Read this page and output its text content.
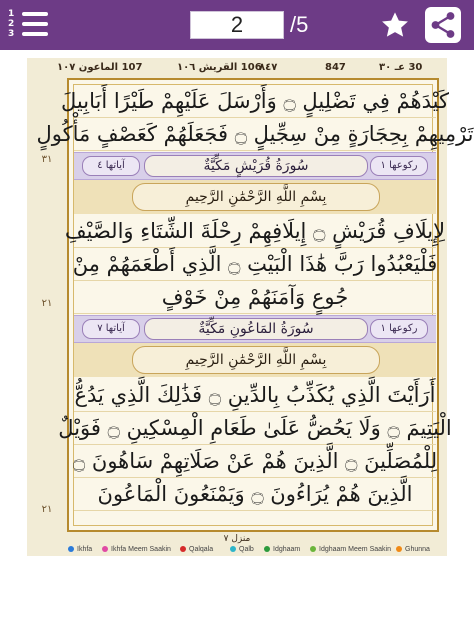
1
2
3	2	/5
107 الماعون ١٠٧	106 القريش ١٠٦
٨٤٧	847	30 عـ ٣٠
٣١
٢١
٢١
كَيْدَهُمْ فِي تَضْلِيلٍ ۝ وَأَرْسَلَ عَلَيْهِمْ طَيْرًا أَبَابِيلَ
تَرْمِيهِمْ بِحِجَارَةٍ مِنْ سِجِّيلٍ ۝ فَجَعَلَهُمْ كَعَصْفٍ مَأْكُولٍ
آياتها ٤	سُورَةُ قُرَيْشٍ مَكِّيَّةٌ	ركوعها ١
بِسْمِ اللَّهِ الرَّحْمَٰنِ الرَّحِيمِ
لِإِيلَافِ قُرَيْشٍ ۝ إِيلَافِهِمْ رِحْلَةَ الشِّتَاءِ وَالصَّيْفِ
فَلْيَعْبُدُوا رَبَّ هَٰذَا الْبَيْتِ ۝ الَّذِي أَطْعَمَهُمْ مِنْ
جُوعٍ وَآمَنَهُمْ مِنْ خَوْفٍ
آياتها ٧	سُورَةُ المَاعُونِ مَكِّيَّةٌ	ركوعها ١
بِسْمِ اللَّهِ الرَّحْمَٰنِ الرَّحِيمِ
أَرَأَيْتَ الَّذِي يُكَذِّبُ بِالدِّينِ ۝ فَذَٰلِكَ الَّذِي يَدُعُّ
الْيَتِيمَ ۝ وَلَا يَحُضُّ عَلَىٰ طَعَامِ الْمِسْكِينِ ۝ فَوَيْلٌ
لِلْمُصَلِّينَ ۝ الَّذِينَ هُمْ عَنْ صَلَاتِهِمْ سَاهُونَ ۝
الَّذِينَ هُمْ يُرَاءُونَ ۝ وَيَمْنَعُونَ الْمَاعُونَ
منزل ٧
Ikhfa	Ikhfa Meem Saakin	Qalqala	Qalb	Idghaam	Idghaam Meem Saakin	Ghunna
